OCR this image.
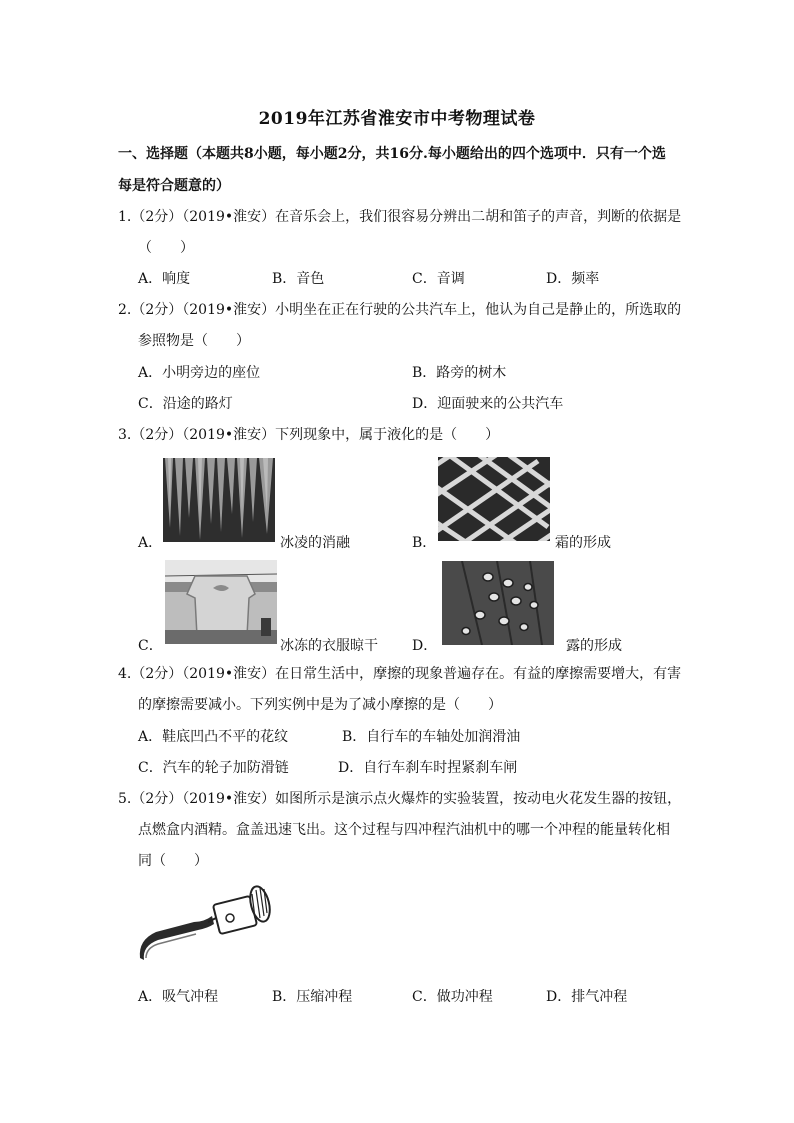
2019年江苏省淮安市中考物理试卷
一、选择题（本题共8小题，每小题2分，共16分.每小题给出的四个选项中．只有一个选
每是符合题意的）
1.（2分）（2019•淮安）在音乐会上，我们很容易分辨出二胡和笛子的声音，判断的依据是
（　　）
A．响度	B．音色	C．音调	D．频率
2.（2分）（2019•淮安）小明坐在正在行驶的公共汽车上，他认为自己是静止的，所选取的
参照物是（　　）
A．小明旁边的座位	B．路旁的树木
C．沿途的路灯	D．迎面驶来的公共汽车
3.（2分）（2019•淮安）下列现象中，属于液化的是（　　）
A．	冰凌的消融	B．	霜的形成
C．	冰冻的衣服晾干 D．	露的形成
4.（2分）（2019•淮安）在日常生活中，摩擦的现象普遍存在。有益的摩擦需要增大，有害
的摩擦需要减小。下列实例中是为了减小摩擦的是（　　）
A．鞋底凹凸不平的花纹	B．自行车的车轴处加润滑油
C．汽车的轮子加防滑链	D．自行车刹车时捏紧刹车闸
5.（2分）（2019•淮安）如图所示是演示点火爆炸的实验装置，按动电火花发生器的按钮，
点燃盒内酒精。盒盖迅速飞出。这个过程与四冲程汽油机中的哪一个冲程的能量转化相
同（　　）
A．吸气冲程	B．压缩冲程	C．做功冲程	D．排气冲程
